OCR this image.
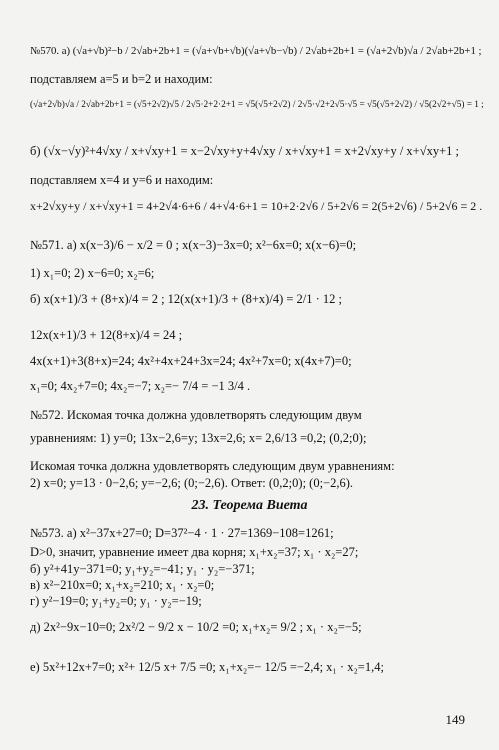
№570. а) (√a+√b)²−b / 2√ab+2b+1 = (√a+√b+√b)(√a+√b−√b) / 2√ab+2b+1 = (√a+2√b)√a / 2√ab+2b+1 ;
подставляем a=5 и b=2 и находим:
(√a+2√b)√a / 2√ab+2b+1 = (√5+2√2)√5 / 2√5·2+2·2+1 = √5(√5+2√2) / 2√5·√2+2√5·√5 = √5(√5+2√2) / √5(2√2+√5) = 1 ;
б) (√x−√y)²+4√xy / x+√xy+1 = x−2√xy+y+4√xy / x+√xy+1 = x+2√xy+y / x+√xy+1 ;
подставляем x=4 и y=6 и находим:
x+2√xy+y / x+√xy+1 = 4+2√4·6+6 / 4+√4·6+1 = 10+2·2√6 / 5+2√6 = 2(5+2√6) / 5+2√6 = 2 .
№571. а) x(x−3)/6 − x/2 = 0 ; x(x−3)−3x=0; x²−6x=0; x(x−6)=0;
1) x₁=0; 2) x−6=0; x₂=6;
б) x(x+1)/3 + (8+x)/4 = 2 ; 12(x(x+1)/3 + (8+x)/4) = 2/1 · 12 ;
12x(x+1)/3 + 12(8+x)/4 = 24 ;
4x(x+1)+3(8+x)=24; 4x²+4x+24+3x=24; 4x²+7x=0; x(4x+7)=0;
x₁=0; 4x₂+7=0; 4x₂=−7; x₂=− 7/4 = −1 3/4 .
№572. Искомая точка должна удовлетворять следующим двум
уравнениям: 1) y=0; 13x−2,6=y; 13x=2,6; x= 2,6/13 =0,2; (0,2;0);
Искомая точка должна удовлетворять следующим двум уравнениям:
2) x=0; y=13 · 0−2,6; y=−2,6; (0;−2,6). Ответ: (0,2;0); (0;−2,6).
23. Теорема Виета
№573. а) x²−37x+27=0; D=37²−4 · 1 · 27=1369−108=1261;
D>0, значит, уравнение имеет два корня; x₁+x₂=37; x₁ · x₂=27;
б) y²+41y−371=0; y₁+y₂=−41; y₁ · y₂=−371;
в) x²−210x=0; x₁+x₂=210; x₁ · x₂=0;
г) y²−19=0; y₁+y₂=0; y₁ · y₂=−19;
д) 2x²−9x−10=0; 2x²/2 − 9/2 x − 10/2 =0; x₁+x₂= 9/2 ; x₁ · x₂=−5;
е) 5x²+12x+7=0; x²+ 12/5 x+ 7/5 =0; x₁+x₂=− 12/5 =−2,4; x₁ · x₂=1,4;
149
